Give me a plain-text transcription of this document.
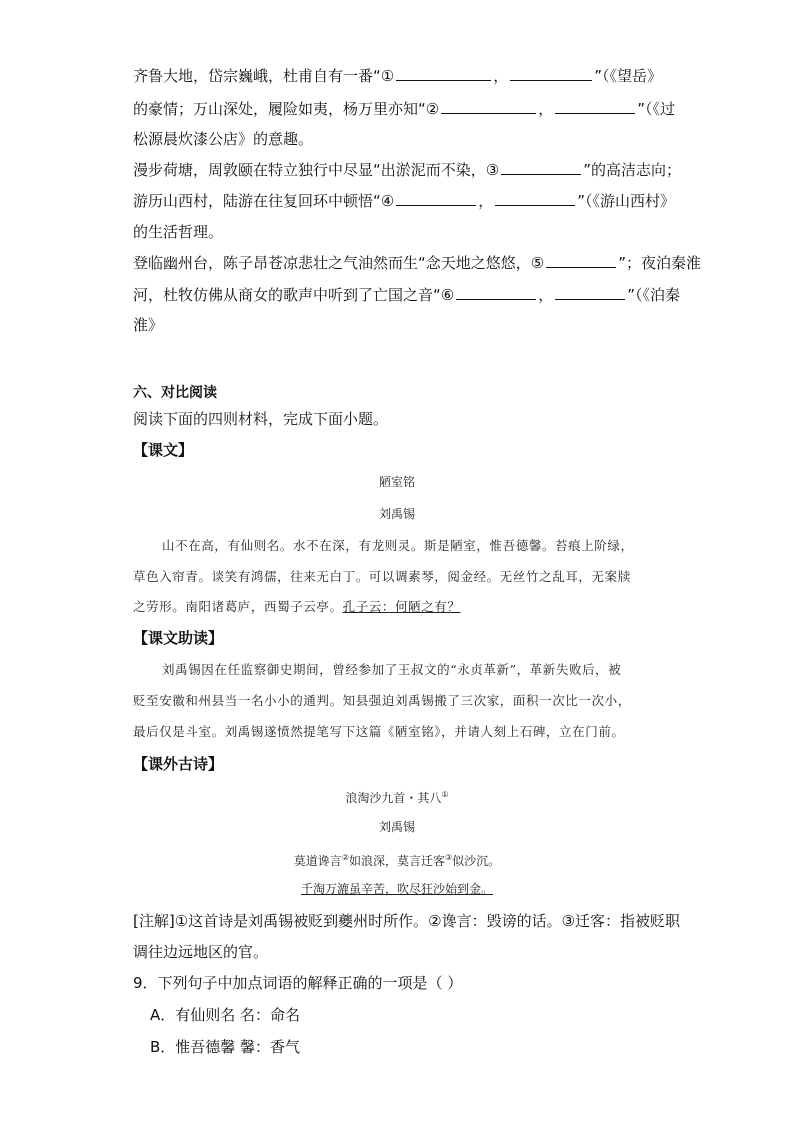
齐鲁大地，岱宗巍峨，杜甫自有一番“①	，	”（《望岳》
的豪情；万山深处，履险如夷，杨万里亦知“②	，	”（《过
松源晨炊漆公店》的意趣。
漫步荷塘，周敦颐在特立独行中尽显“出淤泥而不染，③	”的高洁志向；
游历山西村，陆游在往复回环中顿悟“④	，	”（《游山西村》
的生活哲理。
登临幽州台，陈子昂苍凉悲壮之气油然而生“念天地之悠悠，⑤	”；夜泊秦淮
河，杜牧仿佛从商女的歌声中听到了亡国之音“⑥	，	”（《泊秦
淮》
六、对比阅读
阅读下面的四则材料，完成下面小题。
【课文】
陋室铭
刘禹锡
山不在高，有仙则名。水不在深，有龙则灵。斯是陋室，惟吾德馨。苔痕上阶绿，
草色入帘青。谈笑有鸿儒，往来无白丁。可以调素琴，阅金经。无丝竹之乱耳，无案牍
之劳形。南阳诸葛庐，西蜀子云亭。孔子云：何陋之有？
【课文助读】
刘禹锡因在任监察御史期间，曾经参加了王叔文的“永贞革新”，革新失败后，被
贬至安徽和州县当一名小小的通判。知县强迫刘禹锡搬了三次家，面积一次比一次小，
最后仅是斗室。刘禹锡遂愤然提笔写下这篇《陋室铭》，并请人刻上石碑，立在门前。
【课外古诗】
浪淘沙九首・其八①
刘禹锡
莫道谗言②如浪深，莫言迁客③似沙沉。
千淘万漉虽辛苦，吹尽狂沙始到金。
[注解]①这首诗是刘禹锡被贬到夔州时所作。②谗言：毁谤的话。③迁客：指被贬职
调往边远地区的官。
9．下列句子中加点词语的解释正确的一项是（ ）
A．有仙则名 名：命名
B．惟吾德馨 馨：香气
